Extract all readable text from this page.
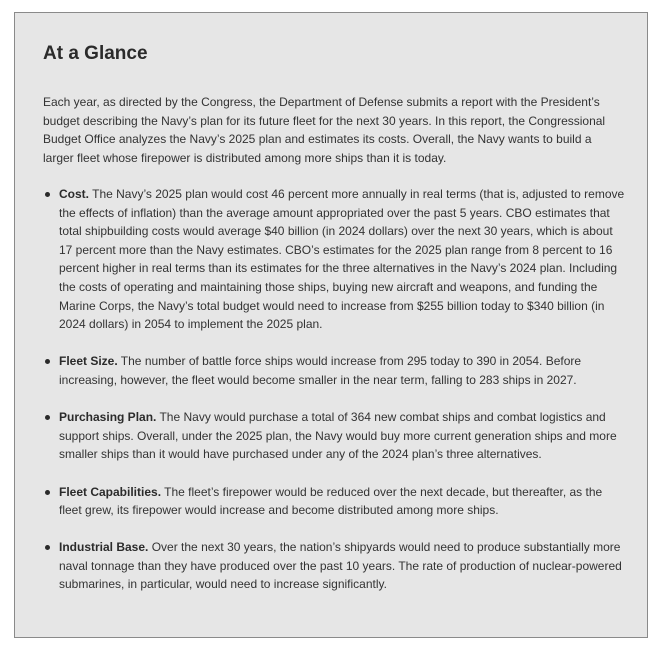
At a Glance

Each year, as directed by the Congress, the Department of Defense submits a report with the President’s budget describing the Navy’s plan for its future fleet for the next 30 years. In this report, the Congressional Budget Office analyzes the Navy’s 2025 plan and estimates its costs. Overall, the Navy wants to build a larger fleet whose firepower is distributed among more ships than it is today.

Cost. The Navy’s 2025 plan would cost 46 percent more annually in real terms (that is, adjusted to remove the effects of inflation) than the average amount appropriated over the past 5 years. CBO estimates that total shipbuilding costs would average $40 billion (in 2024 dollars) over the next 30 years, which is about 17 percent more than the Navy estimates. CBO’s estimates for the 2025 plan range from 8 percent to 16 percent higher in real terms than its estimates for the three alternatives in the Navy’s 2024 plan. Including the costs of operating and maintaining those ships, buying new aircraft and weapons, and funding the Marine Corps, the Navy’s total budget would need to increase from $255 billion today to $340 billion (in 2024 dollars) in 2054 to implement the 2025 plan.
Fleet Size. The number of battle force ships would increase from 295 today to 390 in 2054. Before increasing, however, the fleet would become smaller in the near term, falling to 283 ships in 2027.
Purchasing Plan. The Navy would purchase a total of 364 new combat ships and combat logistics and support ships. Overall, under the 2025 plan, the Navy would buy more current generation ships and more smaller ships than it would have purchased under any of the 2024 plan’s three alternatives.
Fleet Capabilities. The fleet’s firepower would be reduced over the next decade, but thereafter, as the fleet grew, its firepower would increase and become distributed among more ships.
Industrial Base. Over the next 30 years, the nation’s shipyards would need to produce substantially more naval tonnage than they have produced over the past 10 years. The rate of production of nuclear-powered submarines, in particular, would need to increase significantly.
